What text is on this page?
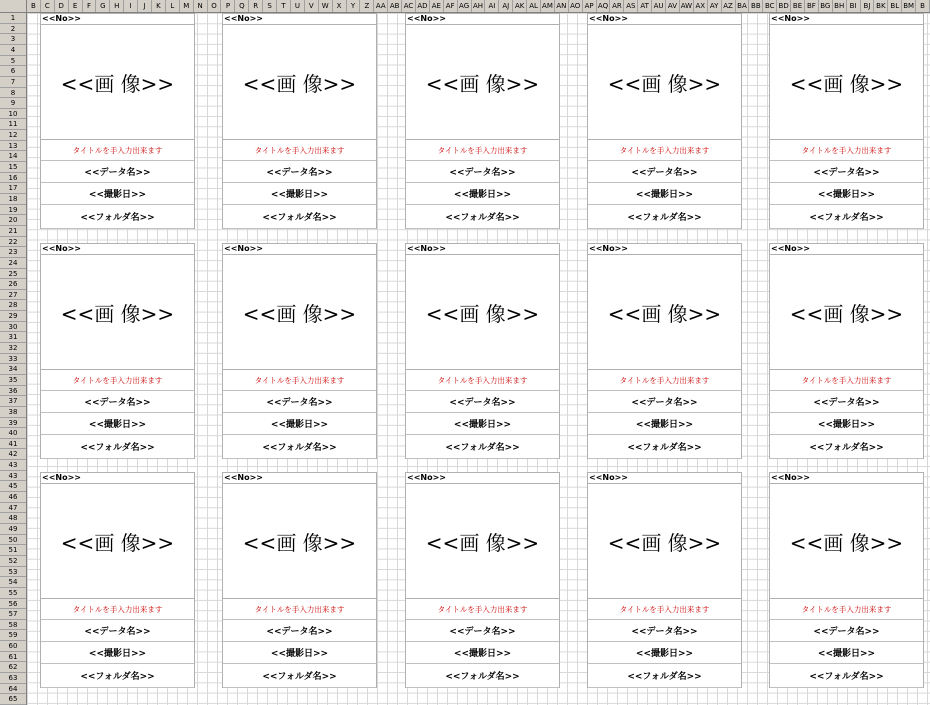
B	C	D	E	F	G	H	I	J	K	L	M	N	O	P	Q	R	S	T	U	V	W	X	Y	Z AA AB AC AD AE AF AG AH AI	AJ AK AL AM AN AO AP AQ AR AS AT AU AV AW AX AY AZ BA BB BC BD BE BF BG BH BI	BJ BK BL BM B
1
2
3
4
5
6
7
8
9
10
11
12
13
14
15
16
17
18
19
20
21
22
23
24
25
26
27
28
29
30
31
32
33
34
35
36
37
38
39
40
41
42
43
43
45
46
47
48
49
50
51
52
53
54
55
56
57
58
59
60
61
62
63
64
65
<<No>>
<<画 像>>
タイトルを手入力出来ます
<<データ名>>
<<撮影日>>
<<フォルダ名>>
<<No>>
<<画 像>>
タイトルを手入力出来ます
<<データ名>>
<<撮影日>>
<<フォルダ名>>
<<No>>
<<画 像>>
タイトルを手入力出来ます
<<データ名>>
<<撮影日>>
<<フォルダ名>>
<<No>>
<<画 像>>
タイトルを手入力出来ます
<<データ名>>
<<撮影日>>
<<フォルダ名>>
<<No>>
<<画 像>>
タイトルを手入力出来ます
<<データ名>>
<<撮影日>>
<<フォルダ名>>
<<No>>
<<画 像>>
タイトルを手入力出来ます
<<データ名>>
<<撮影日>>
<<フォルダ名>>
<<No>>
<<画 像>>
タイトルを手入力出来ます
<<データ名>>
<<撮影日>>
<<フォルダ名>>
<<No>>
<<画 像>>
タイトルを手入力出来ます
<<データ名>>
<<撮影日>>
<<フォルダ名>>
<<No>>
<<画 像>>
タイトルを手入力出来ます
<<データ名>>
<<撮影日>>
<<フォルダ名>>
<<No>>
<<画 像>>
タイトルを手入力出来ます
<<データ名>>
<<撮影日>>
<<フォルダ名>>
<<No>>
<<画 像>>
タイトルを手入力出来ます
<<データ名>>
<<撮影日>>
<<フォルダ名>>
<<No>>
<<画 像>>
タイトルを手入力出来ます
<<データ名>>
<<撮影日>>
<<フォルダ名>>
<<No>>
<<画 像>>
タイトルを手入力出来ます
<<データ名>>
<<撮影日>>
<<フォルダ名>>
<<No>>
<<画 像>>
タイトルを手入力出来ます
<<データ名>>
<<撮影日>>
<<フォルダ名>>
<<No>>
<<画 像>>
タイトルを手入力出来ます
<<データ名>>
<<撮影日>>
<<フォルダ名>>
